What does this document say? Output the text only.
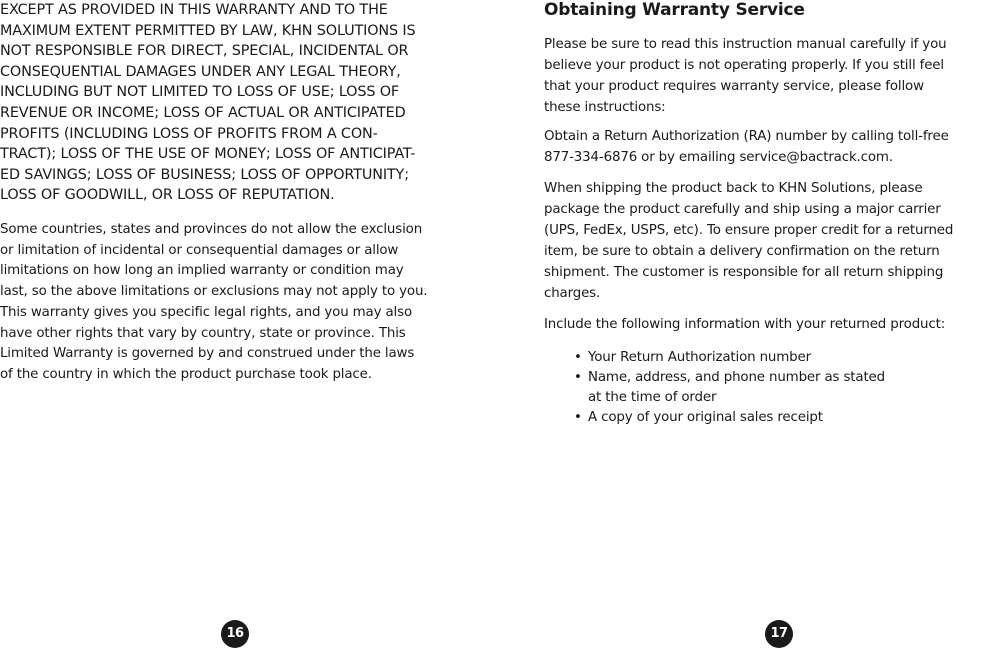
EXCEPT AS PROVIDED IN THIS WARRANTY AND TO THE
MAXIMUM EXTENT PERMITTED BY LAW, KHN SOLUTIONS IS
NOT RESPONSIBLE FOR DIRECT, SPECIAL, INCIDENTAL OR
CONSEQUENTIAL DAMAGES UNDER ANY LEGAL THEORY,
INCLUDING BUT NOT LIMITED TO LOSS OF USE; LOSS OF
REVENUE OR INCOME; LOSS OF ACTUAL OR ANTICIPATED
PROFITS (INCLUDING LOSS OF PROFITS FROM A CON-
TRACT); LOSS OF THE USE OF MONEY; LOSS OF ANTICIPAT-
ED SAVINGS; LOSS OF BUSINESS; LOSS OF OPPORTUNITY;
LOSS OF GOODWILL, OR LOSS OF REPUTATION.

Some countries, states and provinces do not allow the exclusion
or limitation of incidental or consequential damages or allow
limitations on how long an implied warranty or condition may
last, so the above limitations or exclusions may not apply to you.
This warranty gives you specific legal rights, and you may also
have other rights that vary by country, state or province. This
Limited Warranty is governed by and construed under the laws
of the country in which the product purchase took place.

Obtaining Warranty Service

Please be sure to read this instruction manual carefully if you
believe your product is not operating properly. If you still feel
that your product requires warranty service, please follow
these instructions:

Obtain a Return Authorization (RA) number by calling toll-free
877-334-6876 or by emailing service@bactrack.com.

When shipping the product back to KHN Solutions, please
package the product carefully and ship using a major carrier
(UPS, FedEx, USPS, etc). To ensure proper credit for a returned
item, be sure to obtain a delivery confirmation on the return
shipment. The customer is responsible for all return shipping
charges.

Include the following information with your returned product:

• Your Return Authorization number
• Name, address, and phone number as stated
at the time of order
• A copy of your original sales receipt
16	17
